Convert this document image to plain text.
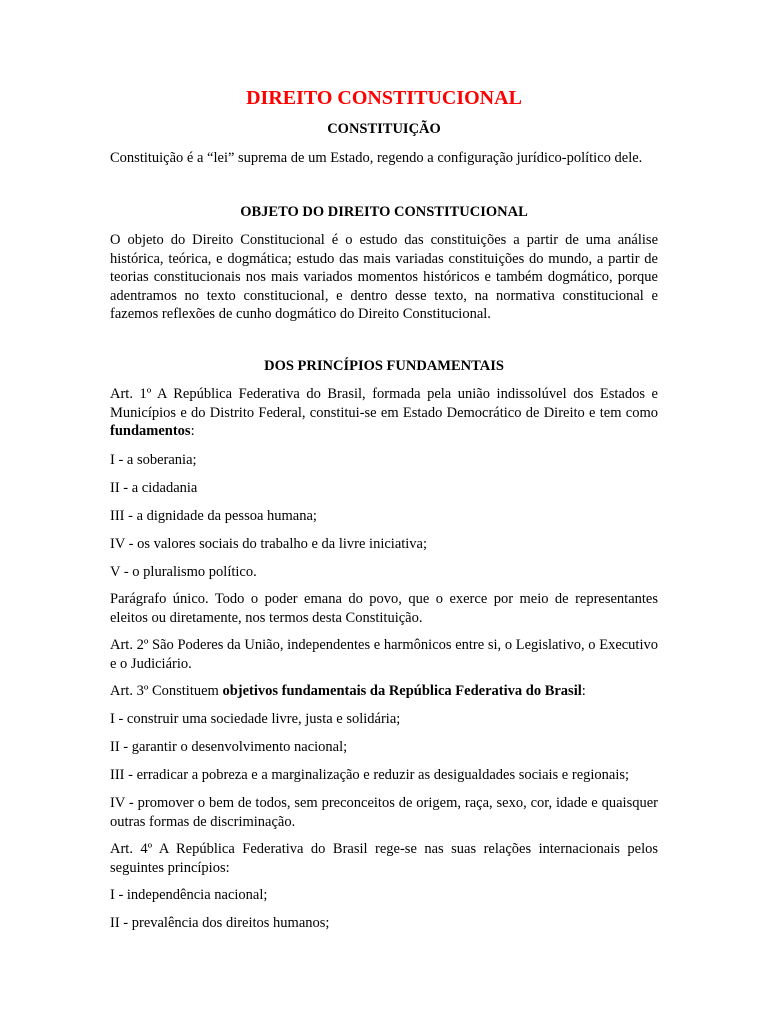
DIREITO CONSTITUCIONAL
CONSTITUIÇÃO
Constituição é a “lei” suprema de um Estado, regendo a configuração jurídico-político dele.
OBJETO DO DIREITO CONSTITUCIONAL
O objeto do Direito Constitucional é o estudo das constituições a partir de uma análise histórica, teórica, e dogmática; estudo das mais variadas constituições do mundo, a partir de teorias constitucionais nos mais variados momentos históricos e também dogmático, porque adentramos no texto constitucional, e dentro desse texto, na normativa constitucional e fazemos reflexões de cunho dogmático do Direito Constitucional.
DOS PRINCÍPIOS FUNDAMENTAIS
Art. 1º A República Federativa do Brasil, formada pela união indissolúvel dos Estados e Municípios e do Distrito Federal, constitui-se em Estado Democrático de Direito e tem como fundamentos:
I - a soberania;
II - a cidadania
III - a dignidade da pessoa humana;
IV - os valores sociais do trabalho e da livre iniciativa;
V - o pluralismo político.
Parágrafo único. Todo o poder emana do povo, que o exerce por meio de representantes eleitos ou diretamente, nos termos desta Constituição.
Art. 2º São Poderes da União, independentes e harmônicos entre si, o Legislativo, o Executivo e o Judiciário.
Art. 3º Constituem objetivos fundamentais da República Federativa do Brasil:
I - construir uma sociedade livre, justa e solidária;
II - garantir o desenvolvimento nacional;
III - erradicar a pobreza e a marginalização e reduzir as desigualdades sociais e regionais;
IV - promover o bem de todos, sem preconceitos de origem, raça, sexo, cor, idade e quaisquer outras formas de discriminação.
Art. 4º A República Federativa do Brasil rege-se nas suas relações internacionais pelos seguintes princípios:
I - independência nacional;
II - prevalência dos direitos humanos;
